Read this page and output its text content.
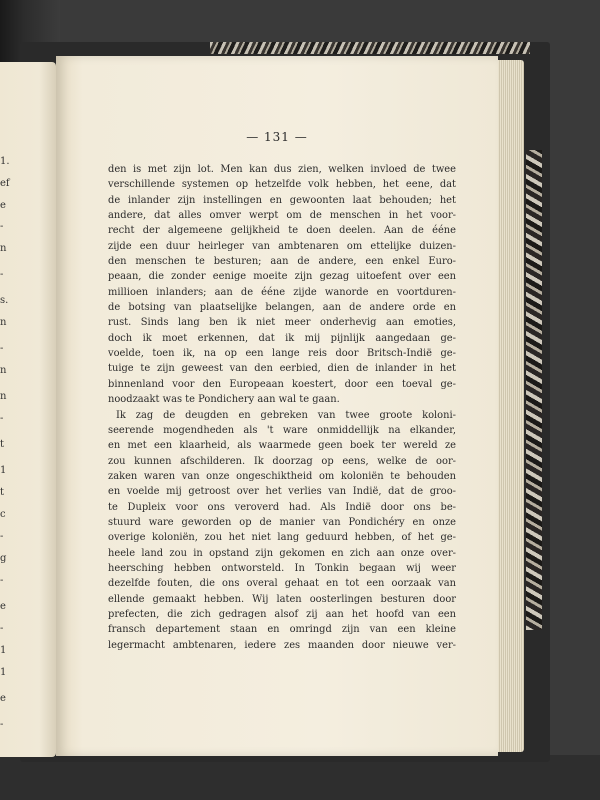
1.
ef
e
-
n
-
s.
n
-
n
n
-
t
1
t
c
-
g
-
e
-
1
1
e
-
— 131 —
den is met zijn lot. Men kan dus zien, welken invloed de twee
verschillende systemen op hetzelfde volk hebben, het eene, dat
de inlander zijn instellingen en gewoonten laat behouden; het
andere, dat alles omver werpt om de menschen in het voor-
recht der algemeene gelijkheid te doen deelen. Aan de ééne
zijde een duur heirleger van ambtenaren om ettelijke duizen-
den menschen te besturen; aan de andere, een enkel Euro-
peaan, die zonder eenige moeite zijn gezag uitoefent over een
millioen inlanders; aan de ééne zijde wanorde en voortduren-
de botsing van plaatselijke belangen, aan de andere orde en
rust. Sinds lang ben ik niet meer onderhevig aan emoties,
doch ik moet erkennen, dat ik mij pijnlijk aangedaan ge-
voelde, toen ik, na op een lange reis door Britsch-Indië ge-
tuige te zijn geweest van den eerbied, dien de inlander in het
binnenland voor den Europeaan koestert, door een toeval ge-
noodzaakt was te Pondichery aan wal te gaan.
Ik zag de deugden en gebreken van twee groote koloni-
seerende mogendheden als 't ware onmiddellijk na elkander,
en met een klaarheid, als waarmede geen boek ter wereld ze
zou kunnen afschilderen. Ik doorzag op eens, welke de oor-
zaken waren van onze ongeschiktheid om koloniën te behouden
en voelde mij getroost over het verlies van Indië, dat de groo-
te Dupleix voor ons veroverd had. Als Indië door ons be-
stuurd ware geworden op de manier van Pondichéry en onze
overige koloniën, zou het niet lang geduurd hebben, of het ge-
heele land zou in opstand zijn gekomen en zich aan onze over-
heersching hebben ontworsteld. In Tonkin begaan wij weer
dezelfde fouten, die ons overal gehaat en tot een oorzaak van
ellende gemaakt hebben. Wij laten oosterlingen besturen door
prefecten, die zich gedragen alsof zij aan het hoofd van een
fransch departement staan en omringd zijn van een kleine
legermacht ambtenaren, iedere zes maanden door nieuwe ver-
